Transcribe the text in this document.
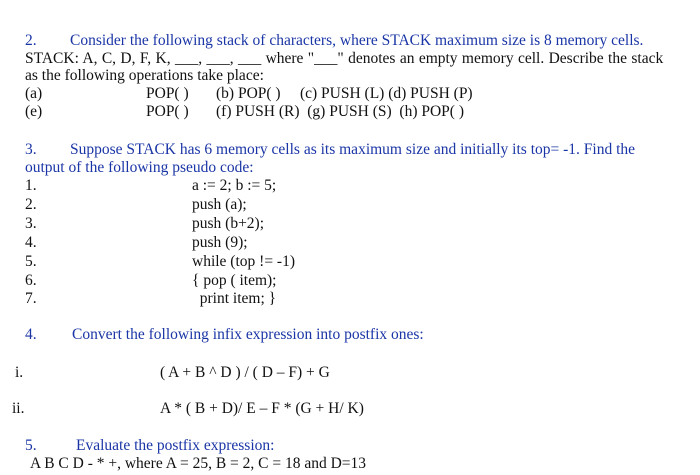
2. Consider the following stack of characters, where STACK maximum size is 8 memory cells.
STACK: A, C, D, F, K, ___, ___, ___ where "___" denotes an empty memory cell. Describe the stack
as the following operations take place:
(a)	POP( ) (b) POP( )     (c) PUSH (L) (d) PUSH (P)
(e)	POP( ) (f) PUSH (R)  (g) PUSH (S)  (h) POP( )
3. Suppose STACK has 6 memory cells as its maximum size and initially its top= -1. Find the
output of the following pseudo code:
1.	a := 2; b := 5;
2.	push (a);
3.	push (b+2);
4.	push (9);
5.	while (top != -1)
6.	{ pop ( item);
7.	print item; }
4. Convert the following infix expression into postfix ones:
i.	( A + B ^ D ) / ( D – F) + G
ii.	A * ( B + D)/ E – F * (G + H/ K)
5.	Evaluate the postfix expression:
A B C D - * +, where A = 25, B = 2, C = 18 and D=13
